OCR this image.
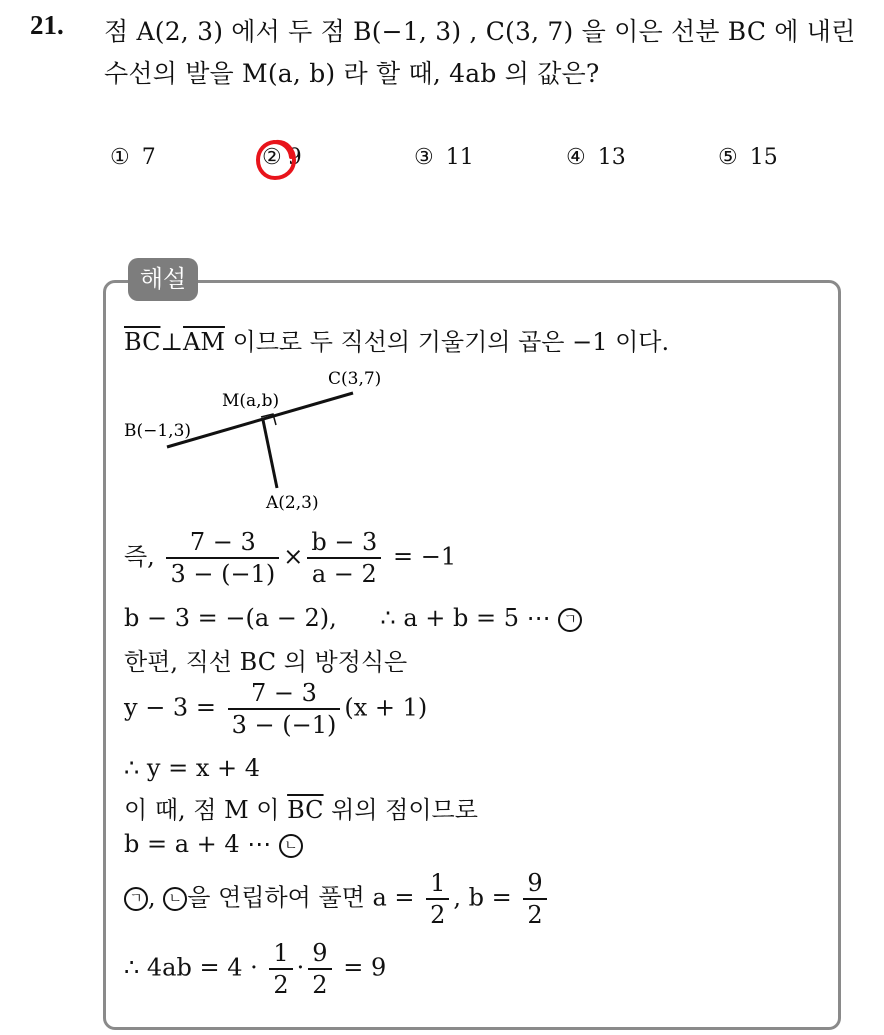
21. 점 A(2, 3) 에서 두 점 B(−1, 3) , C(3, 7) 을 이은 선분 BC 에 내린
수선의 발을 M(a, b) 라 할 때, 4ab 의 값은?
① 7	② 9	③ 11	④ 13	⑤ 15
해설
$\overline{BC}\perp\overline{AM}$ 이므로 두 직선의 기울기의 곱은 −1 이다.
C(3,7)
M(a,b)
B(−1,3)
A(2,3)
즉, $\frac{7 - 3}{3 - (-1)} \times \frac{b - 3}{a - 2} = -1$
b − 3 = −(a − 2), ∴ a + b = 5 ⋯ ㄱ
한편, 직선 BC 의 방정식은
$y - 3 = \frac{7 - 3}{3 - (-1)} (x + 1)$
∴ y = x + 4
이 때, 점 M 이 $\overline{BC}$ 위의 점이므로
b = a + 4 ⋯ ㄴ
ㄱ , ㄴ 을 연립하여 풀면 $a = \frac{1}{2}$ , $b = \frac{9}{2}$
∴ $4ab = 4 \cdot \frac{1}{2} \cdot \frac{9}{2} = 9$
